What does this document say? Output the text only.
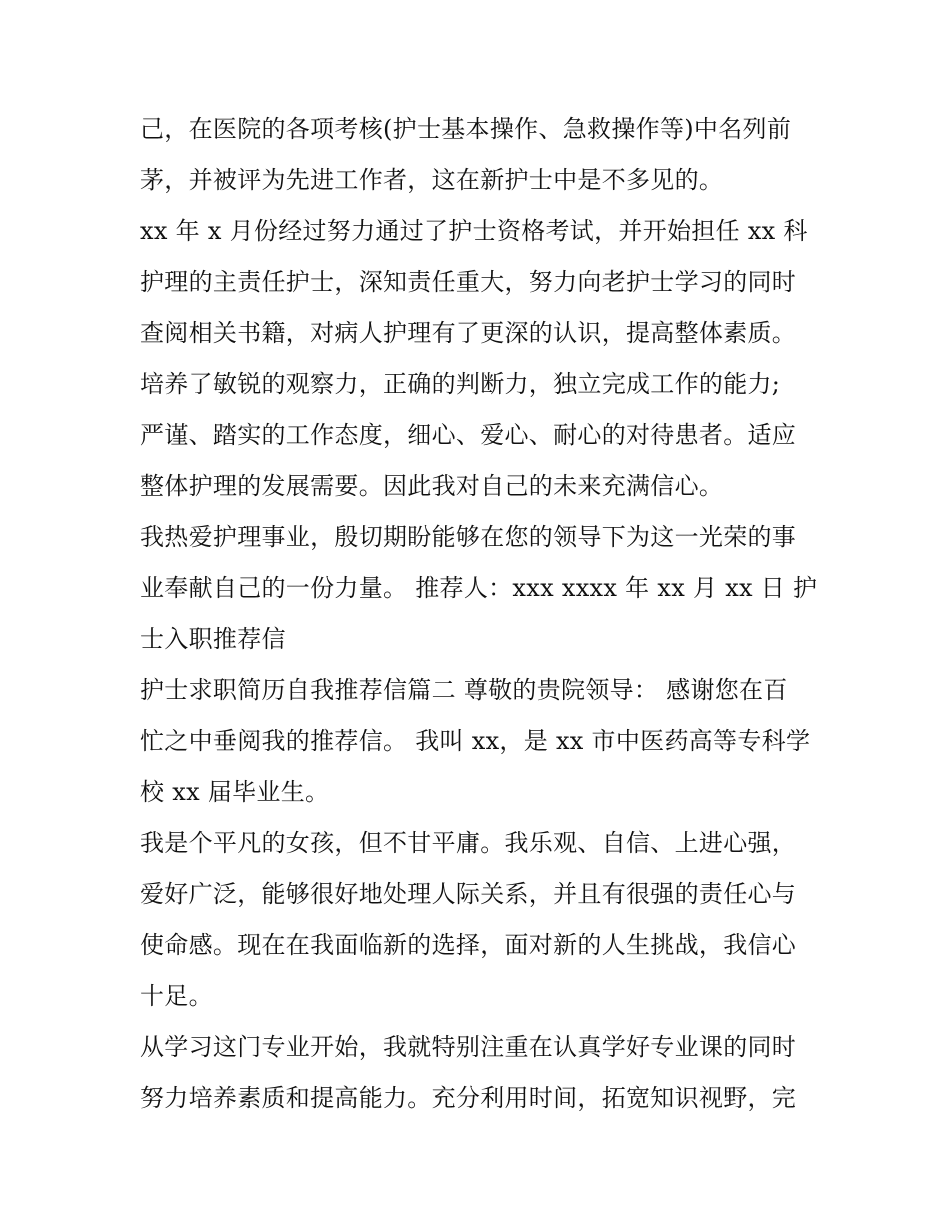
己，在医院的各项考核(护士基本操作、急救操作等)中名列前
茅，并被评为先进工作者，这在新护士中是不多见的。
xx 年 x 月份经过努力通过了护士资格考试，并开始担任 xx 科
护理的主责任护士，深知责任重大，努力向老护士学习的同时
查阅相关书籍，对病人护理有了更深的认识，提高整体素质。
培养了敏锐的观察力，正确的判断力，独立完成工作的能力;
严谨、踏实的工作态度，细心、爱心、耐心的对待患者。适应
整体护理的发展需要。因此我对自己的未来充满信心。
我热爱护理事业，殷切期盼能够在您的领导下为这一光荣的事
业奉献自己的一份力量。 推荐人：xxx xxxx 年 xx 月 xx 日 护
士入职推荐信
护士求职简历自我推荐信篇二 尊敬的贵院领导： 感谢您在百
忙之中垂阅我的推荐信。 我叫 xx，是 xx 市中医药高等专科学
校 xx 届毕业生。
我是个平凡的女孩，但不甘平庸。我乐观、自信、上进心强，
爱好广泛，能够很好地处理人际关系，并且有很强的责任心与
使命感。现在在我面临新的选择，面对新的人生挑战，我信心
十足。
从学习这门专业开始，我就特别注重在认真学好专业课的同时
努力培养素质和提高能力。充分利用时间，拓宽知识视野，完
